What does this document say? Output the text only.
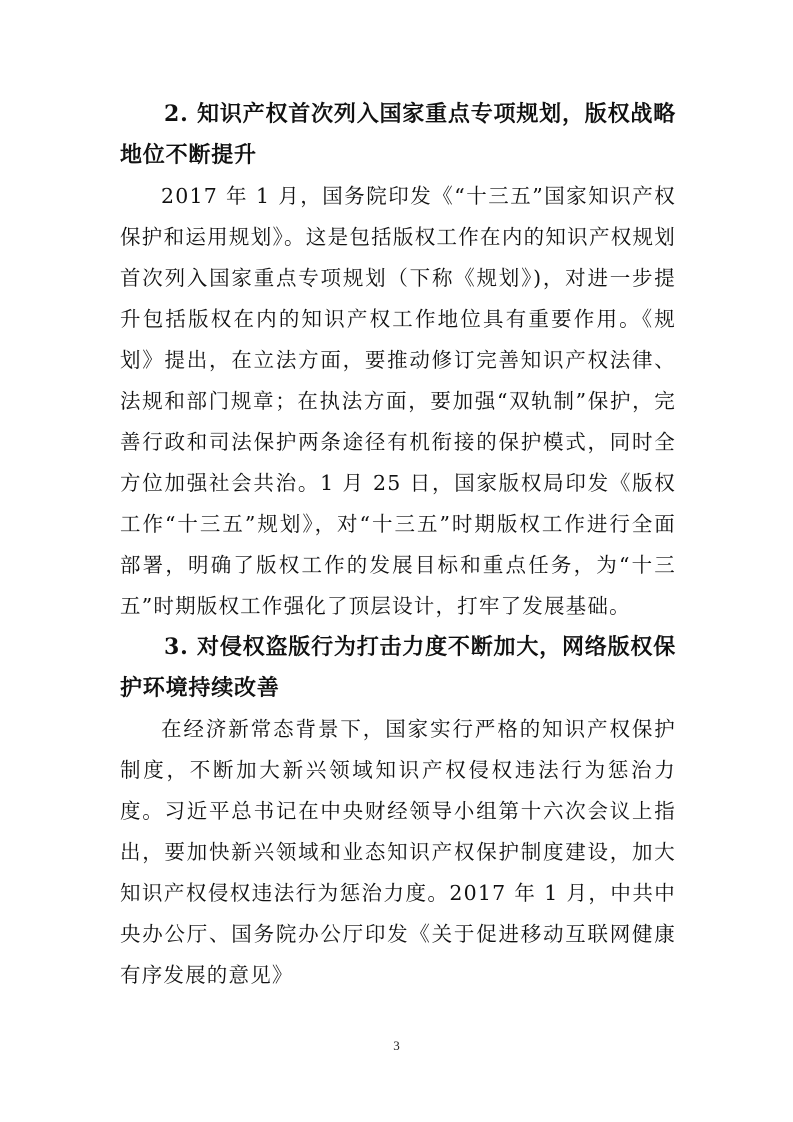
2. 知识产权首次列入国家重点专项规划，版权战略地位不断提升

2017 年 1 月，国务院印发《“十三五”国家知识产权保护和运用规划》。这是包括版权工作在内的知识产权规划首次列入国家重点专项规划（下称《规划》)，对进一步提升包括版权在内的知识产权工作地位具有重要作用。《规划》提出，在立法方面，要推动修订完善知识产权法律、法规和部门规章；在执法方面，要加强“双轨制”保护，完善行政和司法保护两条途径有机衔接的保护模式，同时全方位加强社会共治。1 月 25 日，国家版权局印发《版权工作“十三五”规划》，对“十三五”时期版权工作进行全面部署，明确了版权工作的发展目标和重点任务，为“十三五”时期版权工作强化了顶层设计，打牢了发展基础。

3. 对侵权盗版行为打击力度不断加大，网络版权保护环境持续改善

在经济新常态背景下，国家实行严格的知识产权保护制度，不断加大新兴领域知识产权侵权违法行为惩治力度。习近平总书记在中央财经领导小组第十六次会议上指出，要加快新兴领域和业态知识产权保护制度建设，加大知识产权侵权违法行为惩治力度。2017 年 1 月，中共中央办公厅、国务院办公厅印发《关于促进移动互联网健康有序发展的意见》

3
